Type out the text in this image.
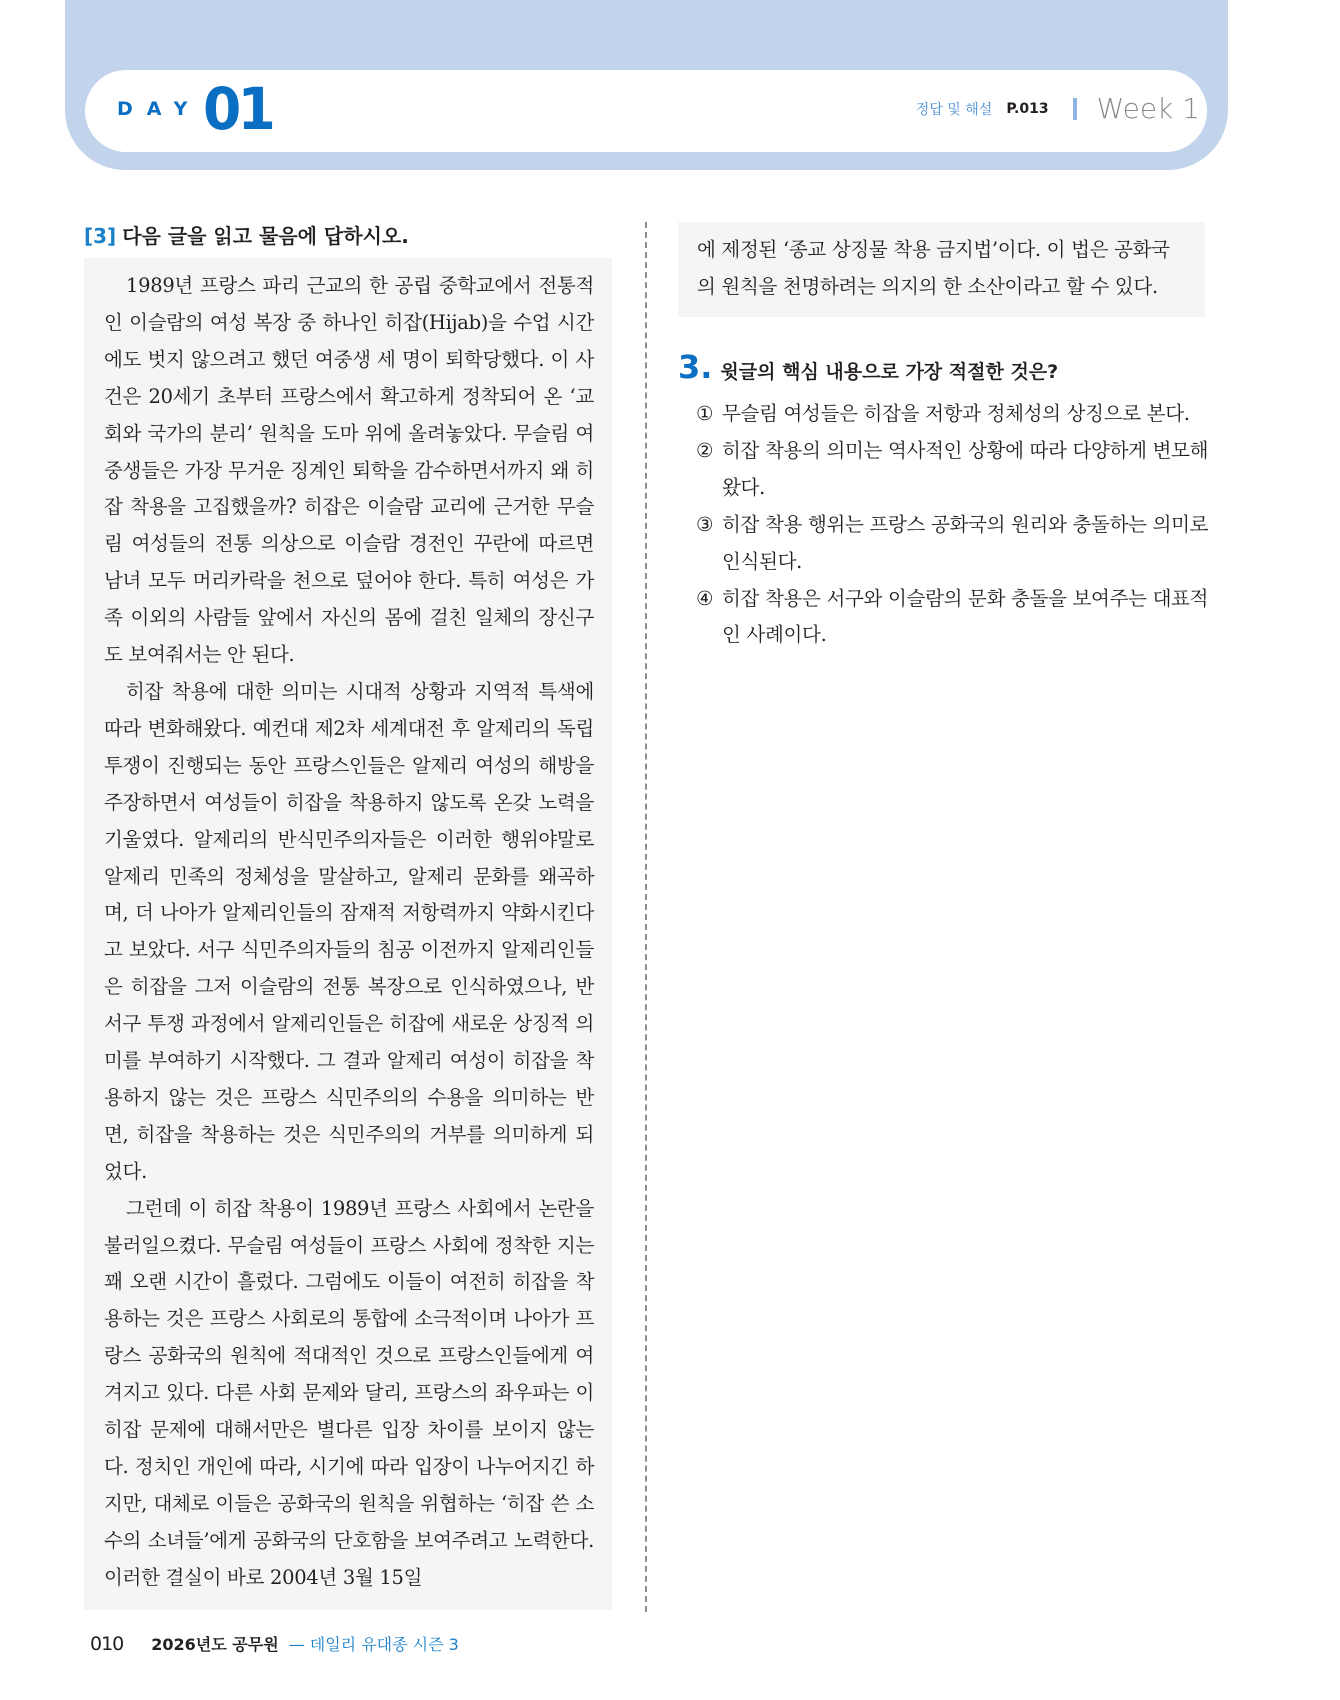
DAY 01	정답 및 해설 P.013 Week 1
[3] 다음 글을 읽고 물음에 답하시오.

1989년 프랑스 파리 근교의 한 공립 중학교에서 전통적인 이슬람의 여성 복장 중 하나인 히잡(Hijab)을 수업 시간에도 벗지 않으려고 했던 여중생 세 명이 퇴학당했다. 이 사건은 20세기 초부터 프랑스에서 확고하게 정착되어 온 ‘교회와 국가의 분리’ 원칙을 도마 위에 올려놓았다. 무슬림 여중생들은 가장 무거운 징계인 퇴학을 감수하면서까지 왜 히잡 착용을 고집했을까? 히잡은 이슬람 교리에 근거한 무슬림 여성들의 전통 의상으로 이슬람 경전인 꾸란에 따르면 남녀 모두 머리카락을 천으로 덮어야 한다. 특히 여성은 가족 이외의 사람들 앞에서 자신의 몸에 걸친 일체의 장신구도 보여줘서는 안 된다.

히잡 착용에 대한 의미는 시대적 상황과 지역적 특색에 따라 변화해왔다. 예컨대 제2차 세계대전 후 알제리의 독립 투쟁이 진행되는 동안 프랑스인들은 알제리 여성의 해방을 주장하면서 여성들이 히잡을 착용하지 않도록 온갖 노력을 기울였다. 알제리의 반식민주의자들은 이러한 행위야말로 알제리 민족의 정체성을 말살하고, 알제리 문화를 왜곡하며, 더 나아가 알제리인들의 잠재적 저항력까지 약화시킨다고 보았다. 서구 식민주의자들의 침공 이전까지 알제리인들은 히잡을 그저 이슬람의 전통 복장으로 인식하였으나, 반서구 투쟁 과정에서 알제리인들은 히잡에 새로운 상징적 의미를 부여하기 시작했다. 그 결과 알제리 여성이 히잡을 착용하지 않는 것은 프랑스 식민주의의 수용을 의미하는 반면, 히잡을 착용하는 것은 식민주의의 거부를 의미하게 되었다.

그런데 이 히잡 착용이 1989년 프랑스 사회에서 논란을 불러일으켰다. 무슬림 여성들이 프랑스 사회에 정착한 지는 꽤 오랜 시간이 흘렀다. 그럼에도 이들이 여전히 히잡을 착용하는 것은 프랑스 사회로의 통합에 소극적이며 나아가 프랑스 공화국의 원칙에 적대적인 것으로 프랑스인들에게 여겨지고 있다. 다른 사회 문제와 달리, 프랑스의 좌우파는 이 히잡 문제에 대해서만은 별다른 입장 차이를 보이지 않는다. 정치인 개인에 따라, 시기에 따라 입장이 나누어지긴 하지만, 대체로 이들은 공화국의 원칙을 위협하는 ‘히잡 쓴 소수의 소녀들’에게 공화국의 단호함을 보여주려고 노력한다. 이러한 결실이 바로 2004년 3월 15일

에 제정된 ‘종교 상징물 착용 금지법’이다. 이 법은 공화국의 원칙을 천명하려는 의지의 한 소산이라고 할 수 있다.
3. 윗글의 핵심 내용으로 가장 적절한 것은?
① 무슬림 여성들은 히잡을 저항과 정체성의 상징으로 본다.
② 히잡 착용의 의미는 역사적인 상황에 따라 다양하게 변모해왔다.
③ 히잡 착용 행위는 프랑스 공화국의 원리와 충돌하는 의미로 인식된다.
④ 히잡 착용은 서구와 이슬람의 문화 충돌을 보여주는 대표적인 사례이다.
010 2026년도 공무원 — 데일리 유대종 시즌 3
